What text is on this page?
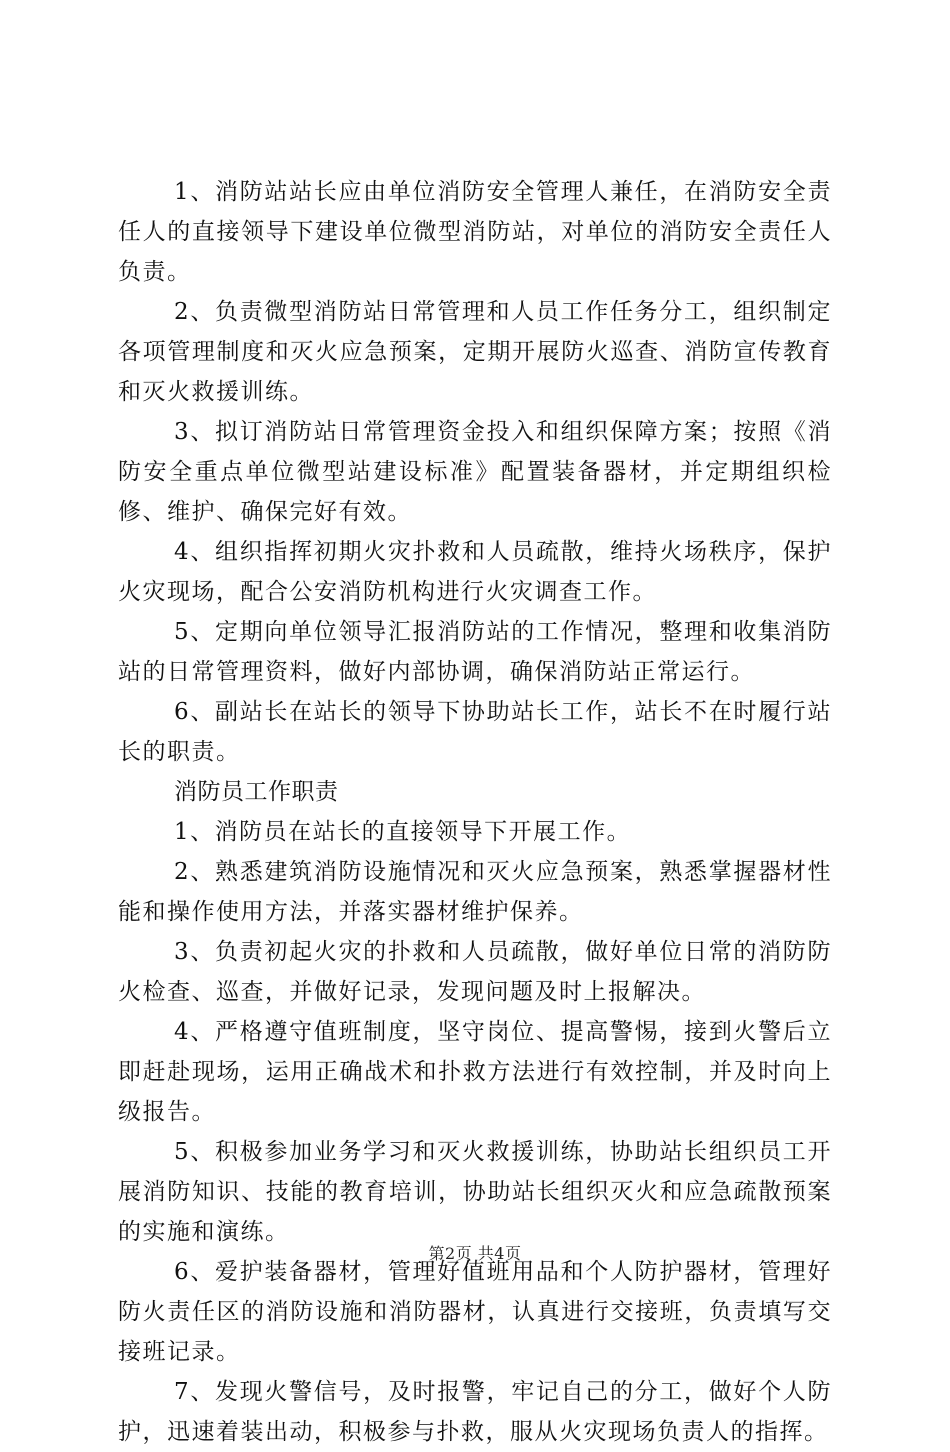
1、消防站站长应由单位消防安全管理人兼任，在消防安全责任人的直接领导下建设单位微型消防站，对单位的消防安全责任人负责。

2、负责微型消防站日常管理和人员工作任务分工，组织制定各项管理制度和灭火应急预案，定期开展防火巡查、消防宣传教育和灭火救援训练。

3、拟订消防站日常管理资金投入和组织保障方案；按照《消防安全重点单位微型站建设标准》配置装备器材，并定期组织检修、维护、确保完好有效。

4、组织指挥初期火灾扑救和人员疏散，维持火场秩序，保护火灾现场，配合公安消防机构进行火灾调查工作。

5、定期向单位领导汇报消防站的工作情况，整理和收集消防站的日常管理资料，做好内部协调，确保消防站正常运行。

6、副站长在站长的领导下协助站长工作，站长不在时履行站长的职责。

消防员工作职责

1、消防员在站长的直接领导下开展工作。

2、熟悉建筑消防设施情况和灭火应急预案，熟悉掌握器材性能和操作使用方法，并落实器材维护保养。

3、负责初起火灾的扑救和人员疏散，做好单位日常的消防防火检查、巡查，并做好记录，发现问题及时上报解决。

4、严格遵守值班制度，坚守岗位、提高警惕，接到火警后立即赶赴现场，运用正确战术和扑救方法进行有效控制，并及时向上级报告。

5、积极参加业务学习和灭火救援训练，协助站长组织员工开展消防知识、技能的教育培训，协助站长组织灭火和应急疏散预案的实施和演练。

6、爱护装备器材，管理好值班用品和个人防护器材，管理好防火责任区的消防设施和消防器材，认真进行交接班，负责填写交接班记录。

7、发现火警信号，及时报警，牢记自己的分工，做好个人防护，迅速着装出动，积极参与扑救，服从火灾现场负责人的指挥。

第2页 共4页
